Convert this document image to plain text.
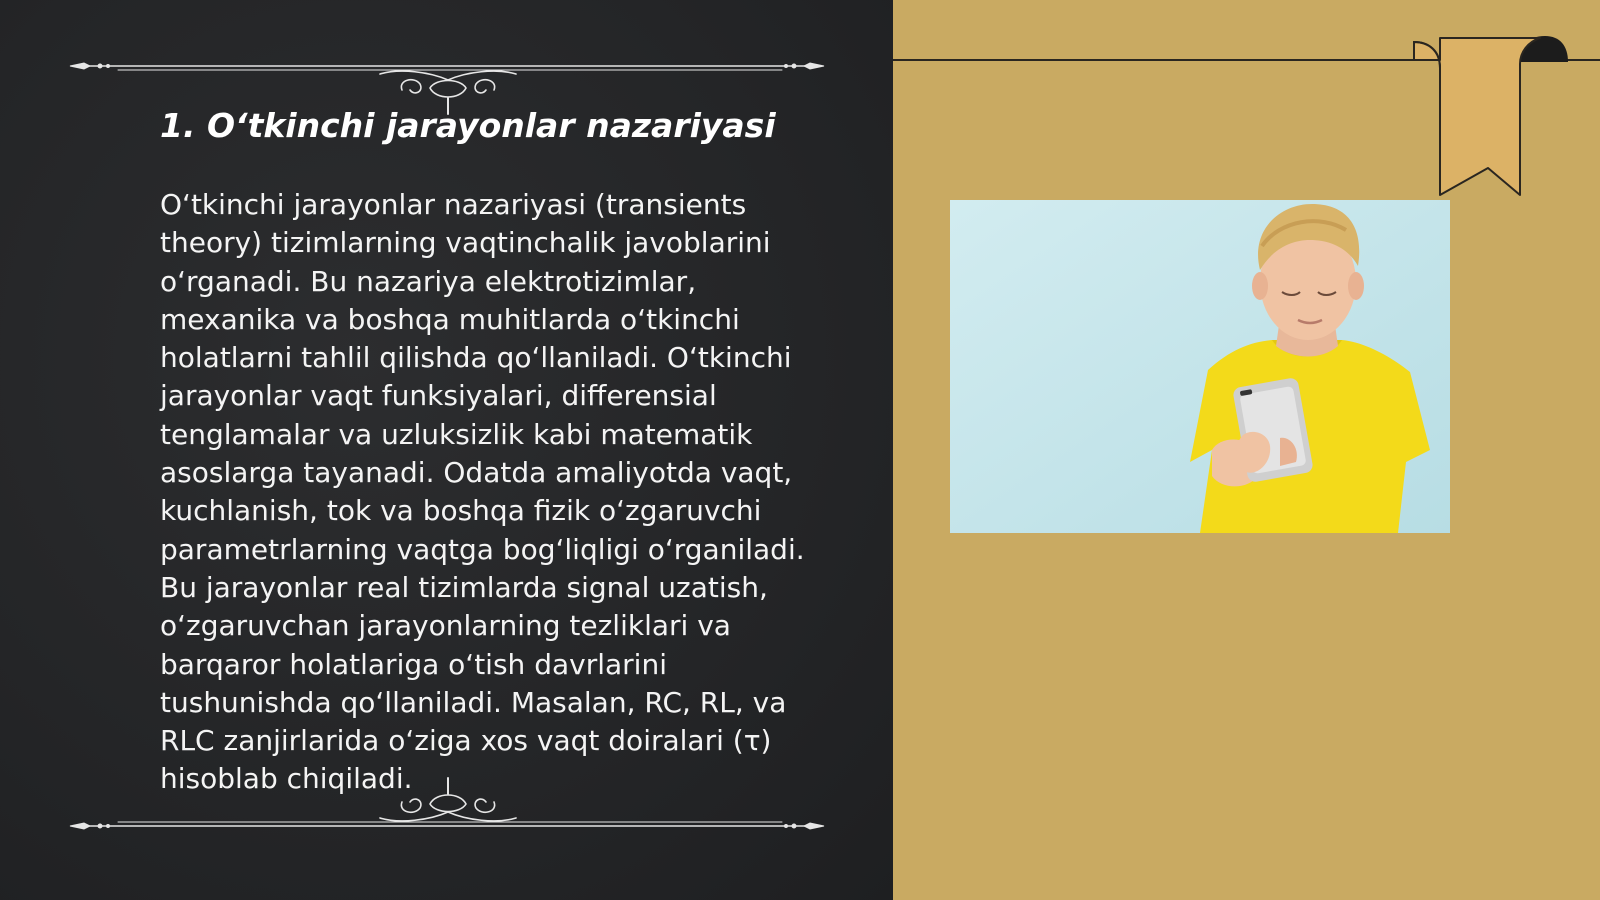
1. O‘tkinchi jarayonlar nazariyasi

O‘tkinchi jarayonlar nazariyasi (transients theory) tizimlarning vaqtinchalik javoblarini o‘rganadi. Bu nazariya elektrotizimlar, mexanika va boshqa muhitlarda o‘tkinchi holatlarni tahlil qilishda qo‘llaniladi. O‘tkinchi jarayonlar vaqt funksiyalari, differensial tenglamalar va uzluksizlik kabi matematik asoslarga tayanadi. Odatda amaliyotda vaqt, kuchlanish, tok va boshqa fizik o‘zgaruvchi parametrlarning vaqtga bog‘liqligi o‘rganiladi. Bu jarayonlar real tizimlarda signal uzatish, o‘zgaruvchan jarayonlarning tezliklari va barqaror holatlariga o‘tish davrlarini tushunishda qo‘llaniladi. Masalan, RC, RL, va RLC zanjirlarida o‘ziga xos vaqt doiralari (τ) hisoblab chiqiladi.
